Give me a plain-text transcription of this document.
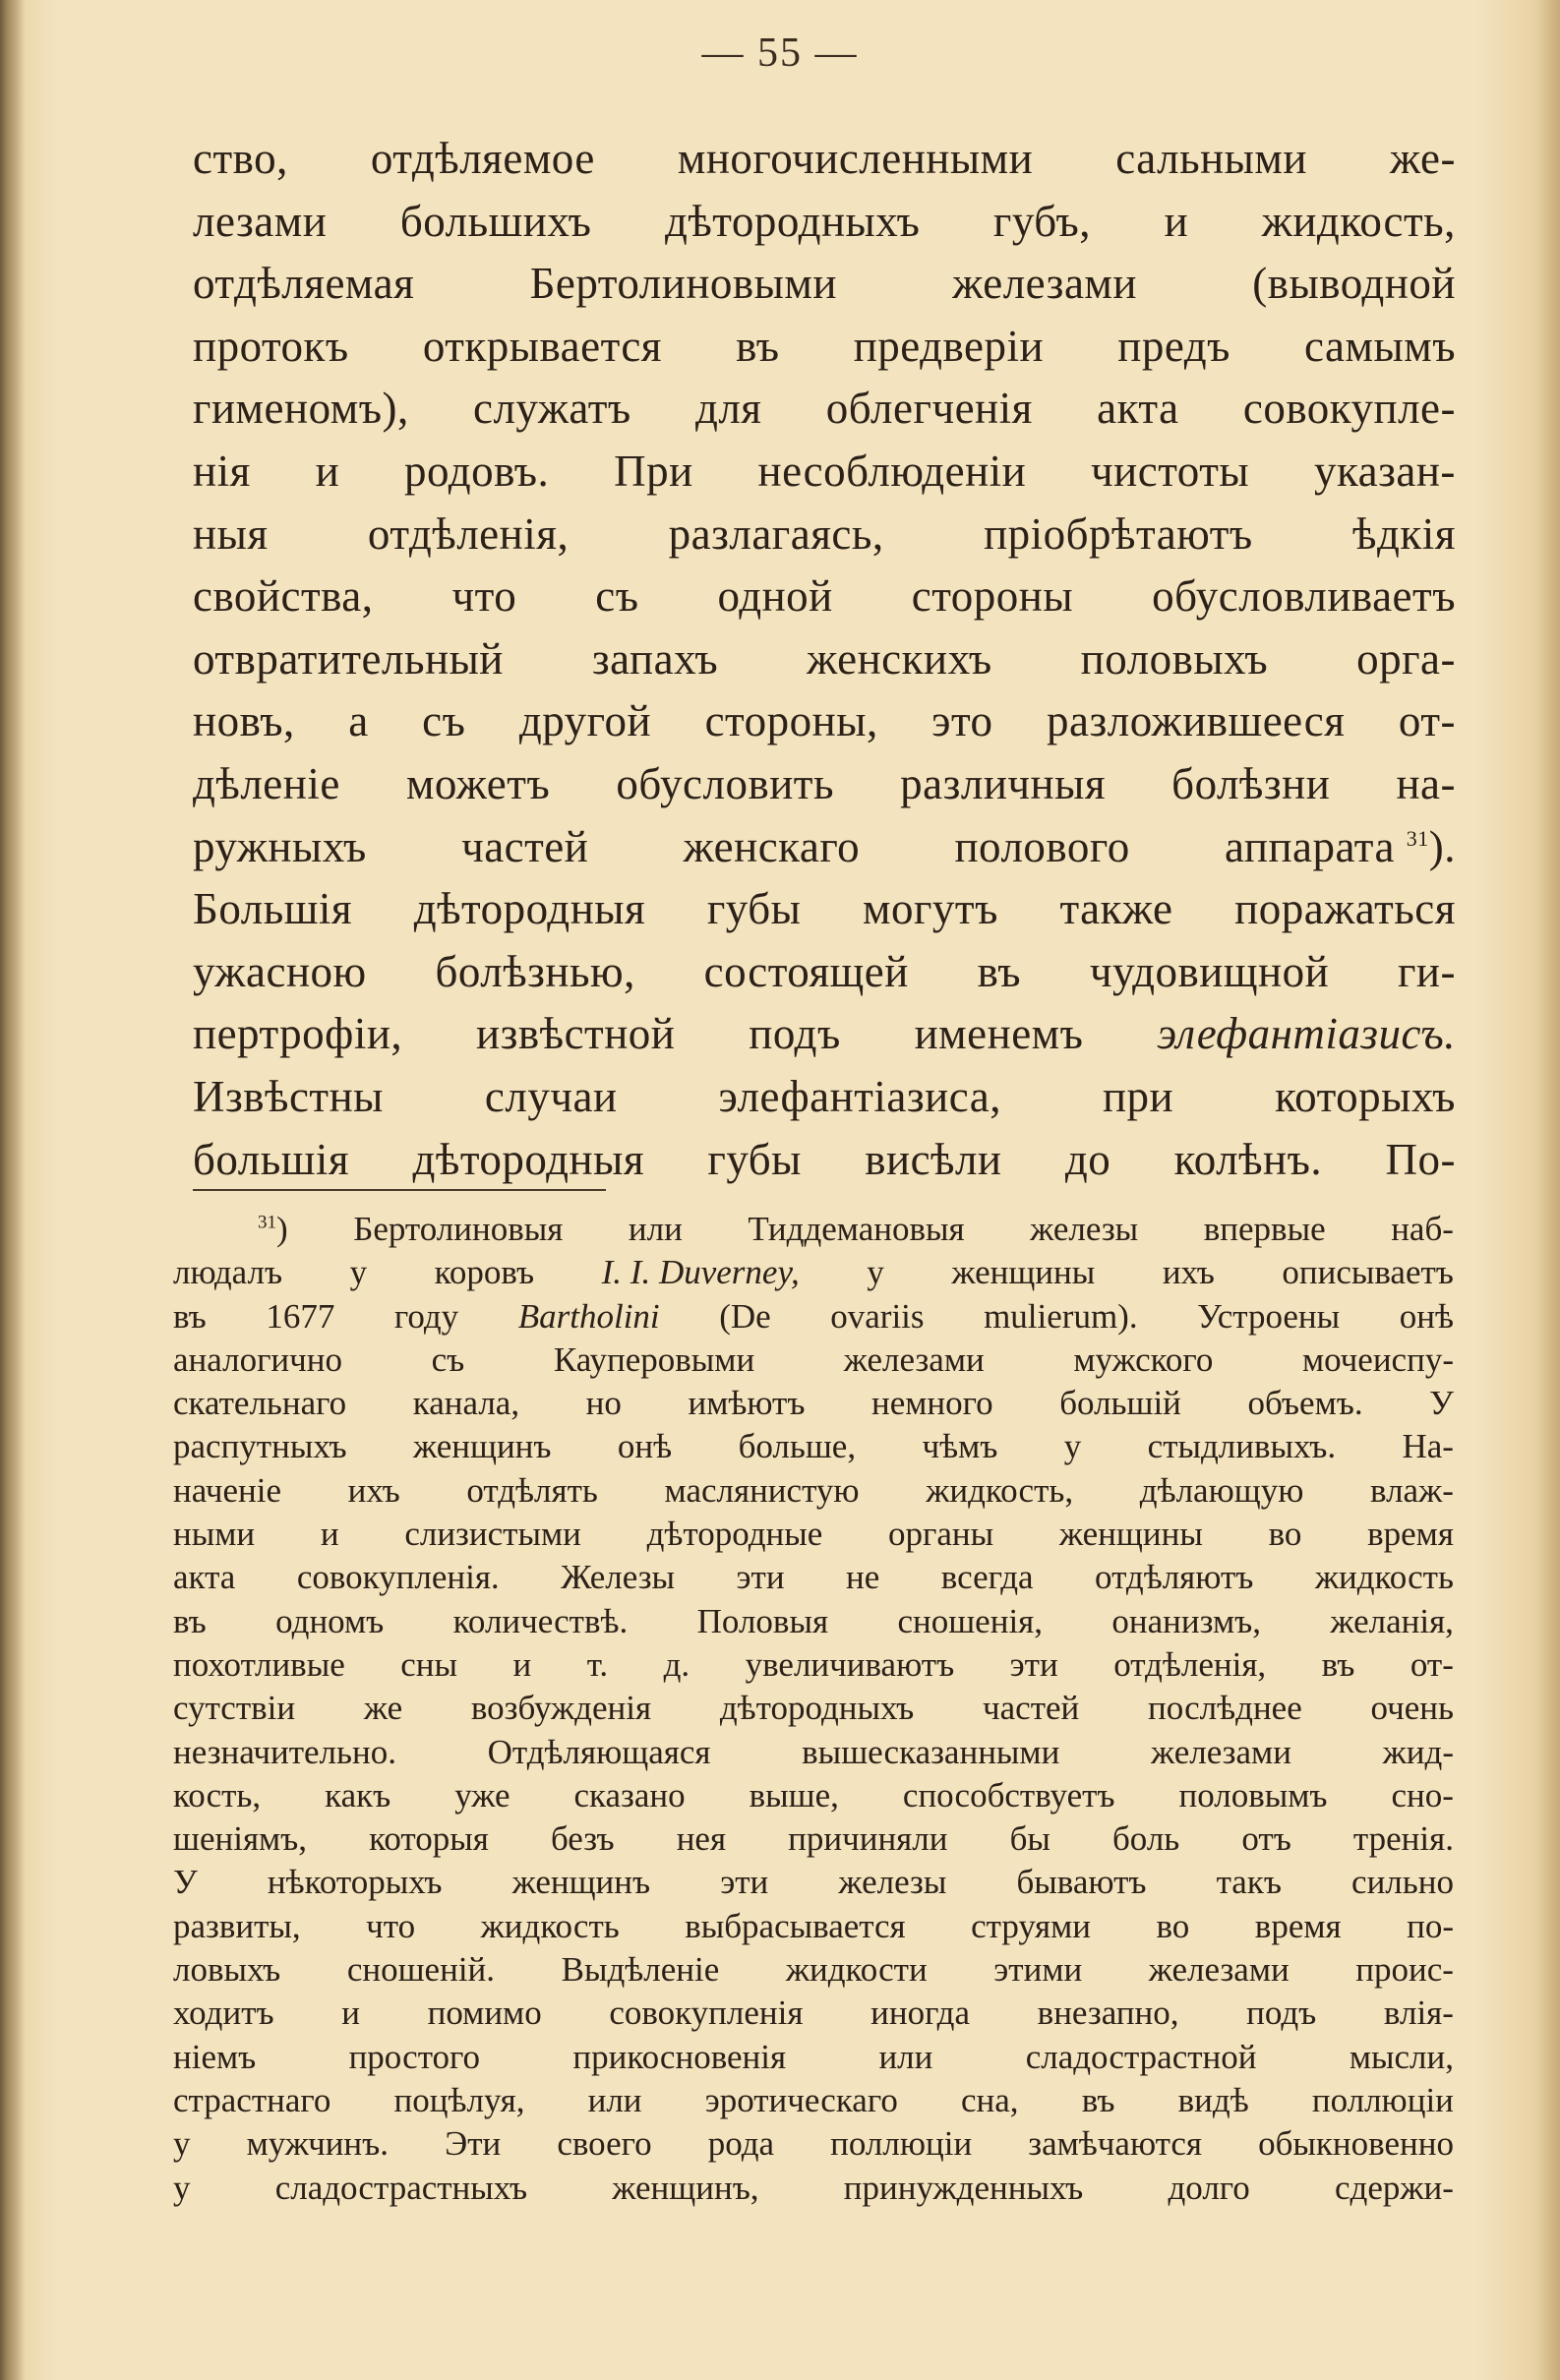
— 55 —
ство, отдѣляемое многочисленными сальными же-
лезами большихъ дѣтородныхъ губъ, и жидкость,
отдѣляемая	Бертолиновыми	железами	(выводной
протокъ открывается въ предверіи предъ самымъ
гименомъ), служатъ для облегченія акта совокупле-
нія и родовъ. При несоблюденіи чистоты указан-
ныя отдѣленія, разлагаясь, пріобрѣтаютъ ѣдкія
свойства, что съ одной стороны обусловливаетъ
отвратительный запахъ женскихъ половыхъ орга-
новъ, а съ другой стороны, это разложившееся от-
дѣленіе можетъ обусловить различныя болѣзни на-
ружныхъ частей женскаго полового аппарата $^{31}$).
Большія дѣтородныя губы могутъ также поражаться
ужасною болѣзнью, состоящей въ чудовищной ги-
пертрофіи, извѣстной подъ именемъ элефантіазисъ.
Извѣстны случаи элефантіазиса, при которыхъ
большія дѣтородныя губы висѣли до колѣнъ. По-
$^{31}$) Бертолиновыя или Тиддемановыя железы впервые наб-
людалъ у коровъ I. I. Duverney, у женщины ихъ описываетъ
въ 1677 году Bartholini (De ovariis mulierum). Устроены онѣ
аналогично	съ	Кауперовыми	железами	мужского	мочеиспу-
скательнаго канала, но имѣютъ немного большій объемъ. У
распутныхъ женщинъ онѣ больше, чѣмъ у стыдливыхъ. На-
наченіе ихъ отдѣлять маслянистую жидкость, дѣлающую влаж-
ными и слизистыми дѣтородные органы женщины во время
акта совокупленія. Железы эти не всегда отдѣляютъ жидкость
въ одномъ количествѣ. Половыя сношенія, онанизмъ, желанія,
похотливые сны и т. д. увеличиваютъ эти отдѣленія, въ от-
сутствіи же возбужденія дѣтородныхъ частей послѣднее очень
незначительно.	Отдѣляющаяся	вышесказанными	железами	жид-
кость, какъ уже сказано выше, способствуетъ половымъ сно-
шеніямъ, которыя безъ нея причиняли бы боль отъ тренія.
У нѣкоторыхъ женщинъ эти железы бываютъ такъ сильно
развиты, что жидкость выбрасывается струями во время по-
ловыхъ сношеній. Выдѣленіе жидкости этими железами проис-
ходитъ и помимо совокупленія иногда внезапно, подъ влія-
ніемъ	простого	прикосновенія	или	сладострастной	мысли,
страстнаго поцѣлуя, или эротическаго сна, въ видѣ поллюціи
у мужчинъ. Эти своего рода поллюціи замѣчаются обыкновенно
у сладострастныхъ женщинъ, принужденныхъ долго сдержи-
